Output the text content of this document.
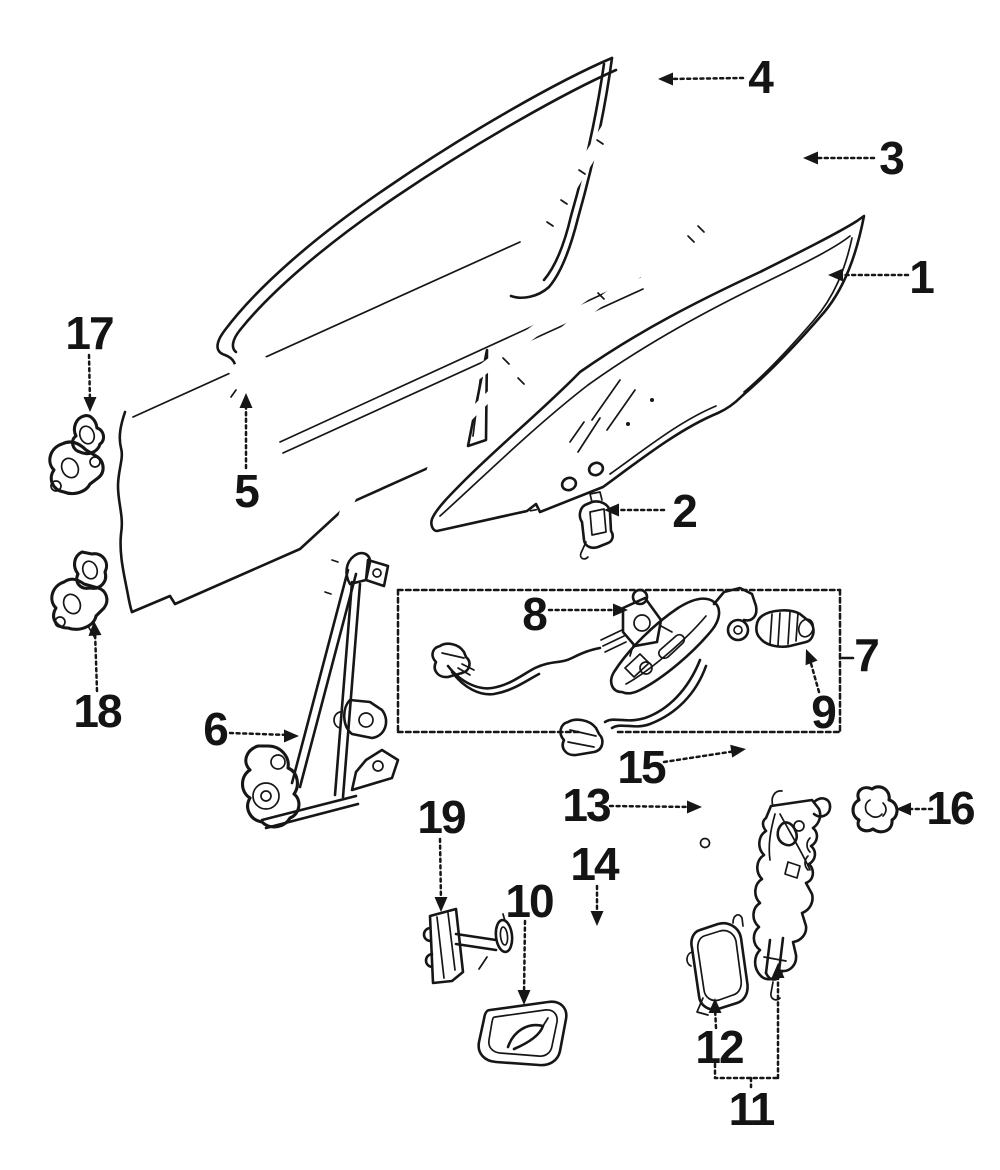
1
2
3
4
5
6
7
8
9
10
11
12
13
14
15
16
17
18
19
